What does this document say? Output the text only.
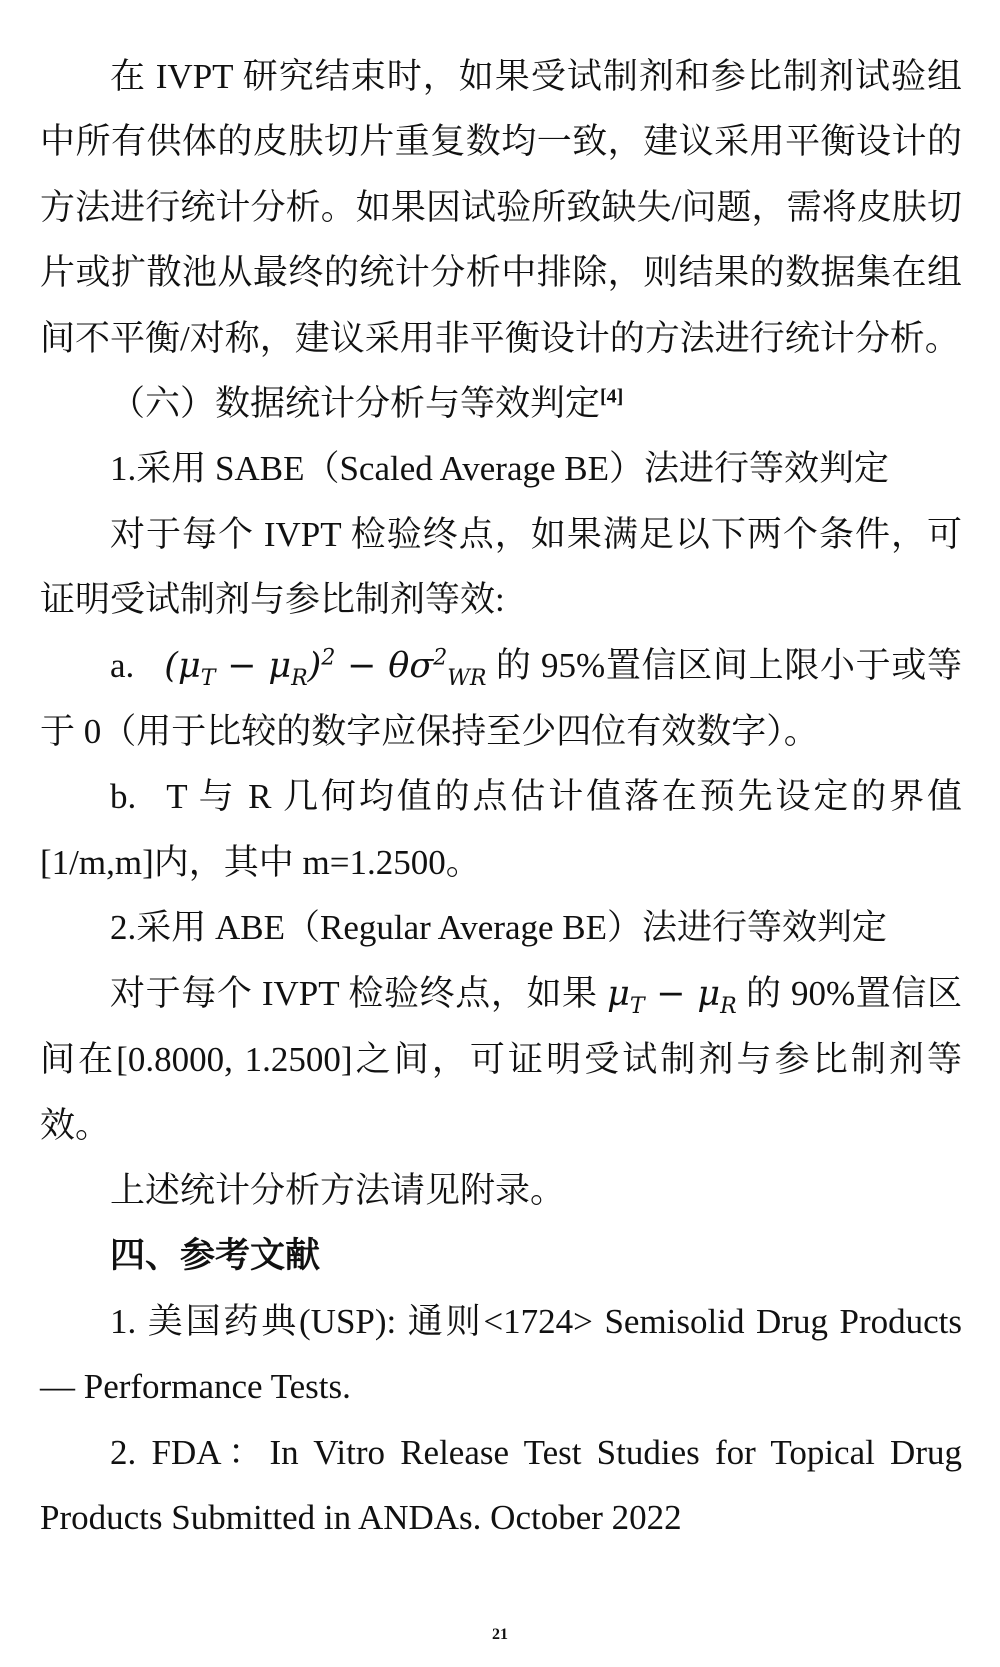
在 IVPT 研究结束时，如果受试制剂和参比制剂试验组中所有供体的皮肤切片重复数均一致，建议采用平衡设计的方法进行统计分析。如果因试验所致缺失/问题，需将皮肤切片或扩散池从最终的统计分析中排除，则结果的数据集在组间不平衡/对称，建议采用非平衡设计的方法进行统计分析。

（六）数据统计分析与等效判定[4]

1.采用 SABE（Scaled Average BE）法进行等效判定

对于每个 IVPT 检验终点，如果满足以下两个条件，可证明受试制剂与参比制剂等效:

a. $(\mu_T - \mu_R)^2 - \theta\sigma^2_{WR}$ 的 95%置信区间上限小于或等于 0（用于比较的数字应保持至少四位有效数字）。

b. T 与 R 几何均值的点估计值落在预先设定的界值[1/m,m]内，其中 m=1.2500。

2.采用 ABE（Regular Average BE）法进行等效判定

对于每个 IVPT 检验终点，如果 $\mu_T - \mu_R$ 的 90%置信区间在[0.8000, 1.2500]之间，可证明受试制剂与参比制剂等效。

上述统计分析方法请见附录。

四、参考文献

1. 美国药典(USP): 通则<1724> Semisolid Drug Products — Performance Tests.

2. FDA：In Vitro Release Test Studies for Topical Drug Products Submitted in ANDAs. October 2022

21
